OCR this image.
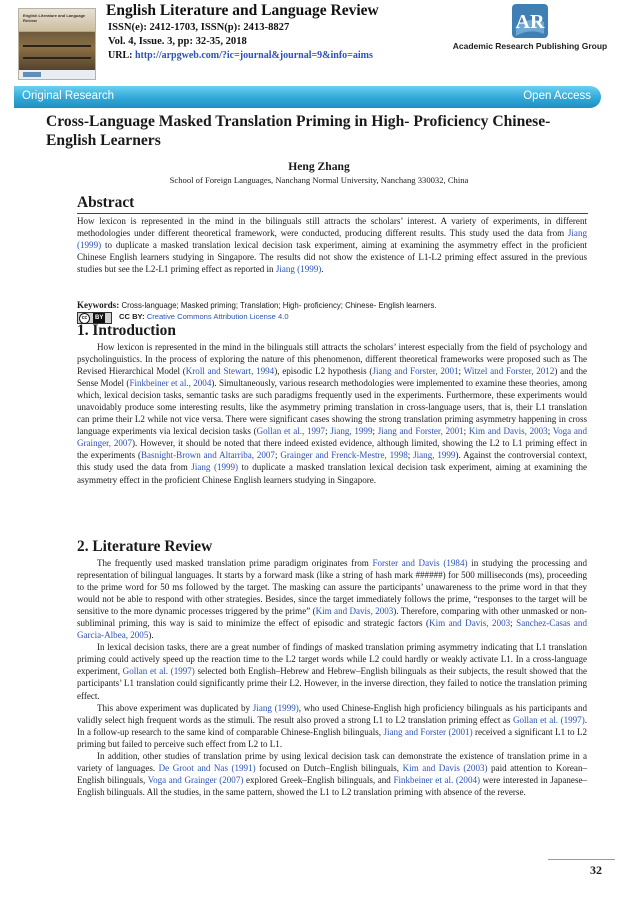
English Literature and Language Review
English Literature and Language Review
ISSN(e): 2412-1703, ISSN(p): 2413-8827
Vol. 4, Issue. 3, pp: 32-35, 2018
URL: http://arpgweb.com/?ic=journal&journal=9&info=aims
AR
Academic Research Publishing Group
Original Research	Open Access
Cross-Language Masked Translation Priming in High- Proficiency Chinese-English Learners
Heng Zhang
School of Foreign Languages, Nanchang Normal University, Nanchang 330032, China
Abstract

How lexicon is represented in the mind in the bilinguals still attracts the scholars’ interest. A variety of experiments, in different methodologies under different theoretical framework, were conducted, producing different results. This study used the data from Jiang (1999) to duplicate a masked translation lexical decision task experiment, aiming at examining the asymmetry effect in the proficient Chinese English learners studying in Singapore. The results did not show the existence of L1-L2 priming effect assured in the previous studies but see the L2-L1 priming effect as reported in Jiang (1999).

Keywords: Cross-language; Masked priming; Translation; High- proficiency; Chinese- English learners.

cc BY	CC BY: Creative Commons Attribution License 4.0
1. Introduction

How lexicon is represented in the mind in the bilinguals still attracts the scholars’ interest especially from the field of psychology and psycholinguistics. In the process of exploring the nature of this phenomenon, different theoretical frameworks were proposed such as The Revised Hierarchical Model (Kroll and Stewart, 1994), episodic L2 hypothesis (Jiang and Forster, 2001; Witzel and Forster, 2012) and the Sense Model (Finkbeiner et al., 2004). Simultaneously, various research methodologies were implemented to examine these theories, among which, lexical decision tasks, semantic tasks are such paradigms frequently used in the experiments. Furthermore, these experiments would unavoidably produce some interesting results, like the asymmetry priming translation in cross-language users, that is, their L1 translation can prime their L2 while not vice versa. There were significant cases showing the strong translation priming asymmetry happening in cross language experiments via lexical decision tasks (Gollan et al., 1997; Jiang, 1999; Jiang and Forster, 2001; Kim and Davis, 2003; Voga and Grainger, 2007). However, it should be noted that there indeed existed evidence, although limited, showing the L2 to L1 priming effect in the experiments (Basnight-Brown and Altarriba, 2007; Grainger and Frenck-Mestre, 1998; Jiang, 1999). Against the controversial context, this study used the data from Jiang (1999) to duplicate a masked translation lexical decision task experiment, aiming at examining the asymmetry effect in the proficient Chinese English learners studying in Singapore.

2. Literature Review

The frequently used masked translation prime paradigm originates from Forster and Davis (1984) in studying the processing and representation of bilingual languages. It starts by a forward mask (like a string of hash mark ######) for 500 milliseconds (ms), proceeding to the prime word for 50 ms followed by the target. The masking can assure the participants’ unawareness to the prime word in that they would not be able to respond with other strategies. Besides, since the target immediately follows the prime, “responses to the target will be sensitive to the more dynamic processes triggered by the prime” (Kim and Davis, 2003). Therefore, comparing with other unmasked or non-subliminal priming, this way is said to minimize the effect of episodic and strategic factors (Kim and Davis, 2003; Sanchez-Casas and Garcia-Albea, 2005).

In lexical decision tasks, there are a great number of findings of masked translation priming asymmetry indicating that L1 translation priming could actively speed up the reaction time to the L2 target words while L2 could hardly or weakly activate L1. In a cross-language experiment, Gollan et al. (1997) selected both English–Hebrew and Hebrew–English bilinguals as their subjects, the result showed that the participants’ L1 translation could significantly prime their L2. However, in the inverse direction, they failed to notice the translation priming effect.

This above experiment was duplicated by Jiang (1999), who used Chinese-English high proficiency bilinguals as his participants and validly select high frequent words as the stimuli. The result also proved a strong L1 to L2 translation priming effect as Gollan et al. (1997). In a follow-up research to the same kind of comparable Chinese-English bilinguals, Jiang and Forster (2001) received a significant L1 to L2 priming but failed to perceive such effect from L2 to L1.

In addition, other studies of translation prime by using lexical decision task can demonstrate the existence of translation prime in a variety of languages. De Groot and Nas (1991) focused on Dutch–English bilinguals, Kim and Davis (2003) paid attention to Korean–English bilinguals, Voga and Grainger (2007) explored Greek–English bilinguals, and Finkbeiner et al. (2004) were interested in Japanese–English bilinguals. All the studies, in the same pattern, showed the L1 to L2 translation priming with absence of the reverse.

32
